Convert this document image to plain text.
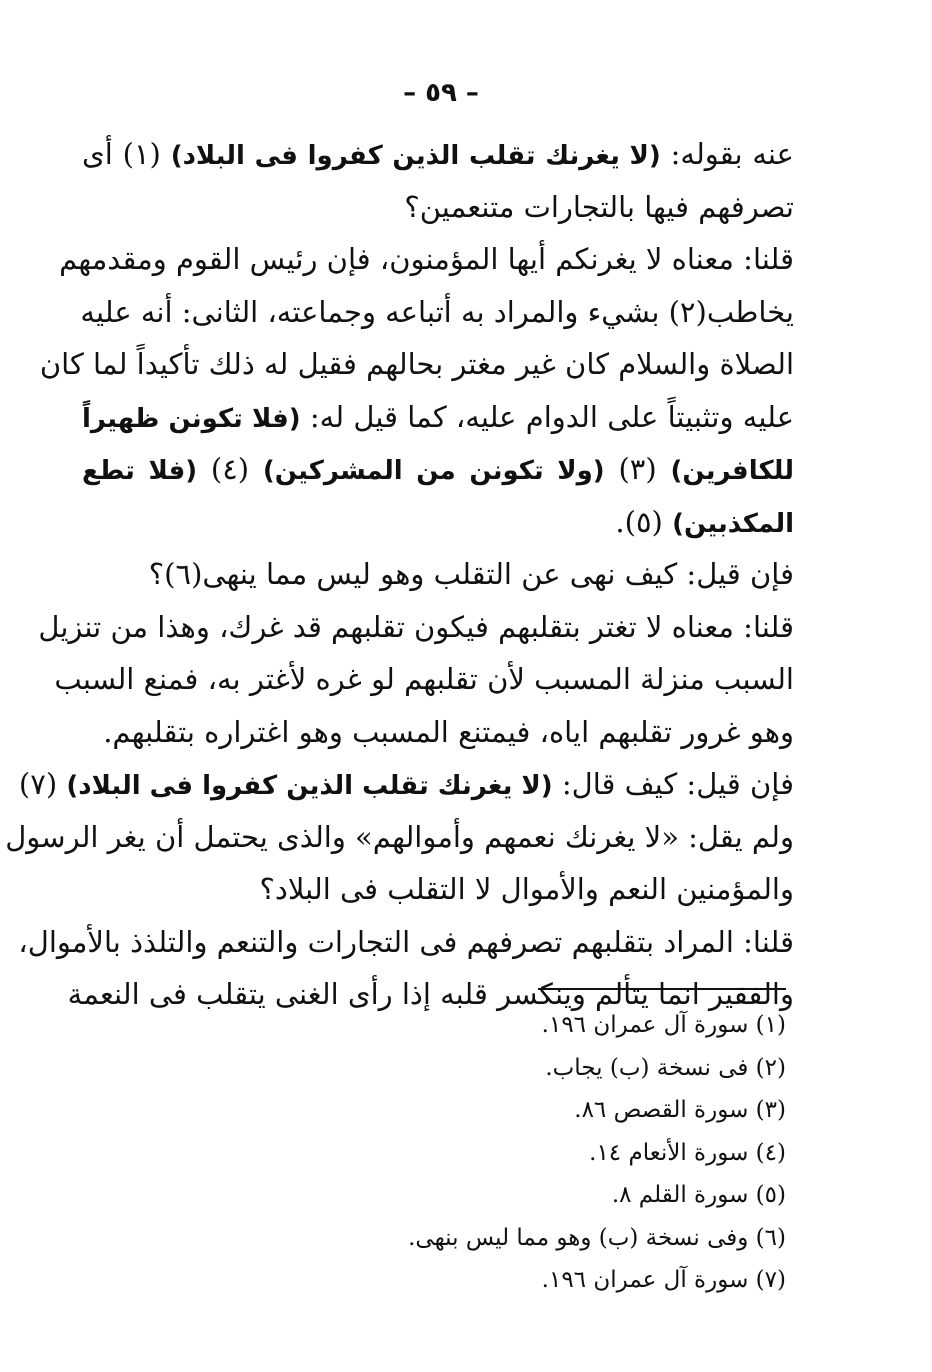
– ٥٩ –
عنه بقوله: (لا يغرنك تقلب الذين كفروا فى البلاد) (١) أى
تصرفهم فيها بالتجارات متنعمين؟
قلنا: معناه لا يغرنكم أيها المؤمنون، فإن رئيس القوم ومقدمهم
يخاطب(٢) بشيء والمراد به أتباعه وجماعته، الثانى: أنه عليه
الصلاة والسلام كان غير مغتر بحالهم فقيل له ذلك تأكيداً لما كان
عليه وتثبيتاً على الدوام عليه، كما قيل له: (فلا تكونن ظهيراً
للكافرين) (٣) (ولا تكونن من المشركين) (٤) (فلا تطع
المكذبين) (٥).
فإن قيل: كيف نهى عن التقلب وهو ليس مما ينهى(٦)؟
قلنا: معناه لا تغتر بتقلبهم فيكون تقلبهم قد غرك، وهذا من تنزيل
السبب منزلة المسبب لأن تقلبهم لو غره لأغتر به، فمنع السبب
وهو غرور تقلبهم اياه، فيمتنع المسبب وهو اغتراره بتقلبهم.
فإن قيل: كيف قال: (لا يغرنك تقلب الذين كفروا فى البلاد) (٧)
ولم يقل: «لا يغرنك نعمهم وأموالهم» والذى يحتمل أن يغر الرسول
والمؤمنين النعم والأموال لا التقلب فى البلاد؟
قلنا: المراد بتقلبهم تصرفهم فى التجارات والتنعم والتلذذ بالأموال،
والفقير انما يتألم وينكسر قلبه إذا رأى الغنى يتقلب فى النعمة
(١) سورة آل عمران ١٩٦.
(٢) فى نسخة (ب) يجاب.
(٣) سورة القصص ٨٦.
(٤) سورة الأنعام ١٤.
(٥) سورة القلم ٨.
(٦) وفى نسخة (ب) وهو مما ليس بنهى.
(٧) سورة آل عمران ١٩٦.
